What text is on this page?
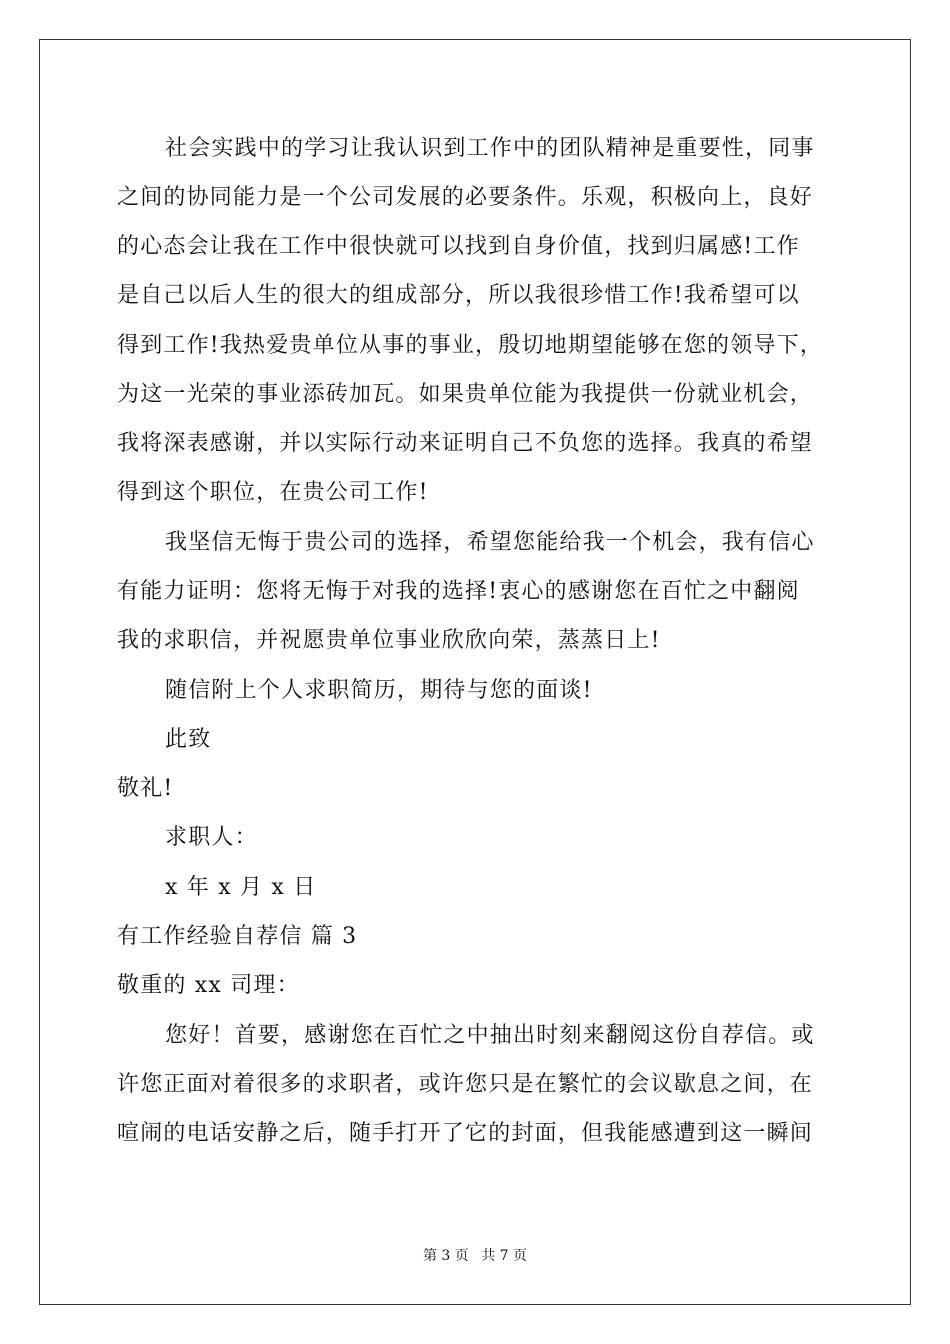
社会实践中的学习让我认识到工作中的团队精神是重要性，同事
之间的协同能力是一个公司发展的必要条件。乐观，积极向上，良好
的心态会让我在工作中很快就可以找到自身价值，找到归属感!工作
是自己以后人生的很大的组成部分，所以我很珍惜工作!我希望可以
得到工作!我热爱贵单位从事的事业，殷切地期望能够在您的领导下，
为这一光荣的事业添砖加瓦。如果贵单位能为我提供一份就业机会，
我将深表感谢，并以实际行动来证明自己不负您的选择。我真的希望
得到这个职位，在贵公司工作!
我坚信无悔于贵公司的选择，希望您能给我一个机会，我有信心
有能力证明：您将无悔于对我的选择!衷心的感谢您在百忙之中翻阅
我的求职信，并祝愿贵单位事业欣欣向荣，蒸蒸日上!
随信附上个人求职简历，期待与您的面谈!
此致
敬礼!
求职人：
x 年 x 月 x 日
有工作经验自荐信 篇 3
敬重的 xx 司理：
您好！首要，感谢您在百忙之中抽出时刻来翻阅这份自荐信。或
许您正面对着很多的求职者，或许您只是在繁忙的会议歇息之间，在
喧闹的电话安静之后，随手打开了它的封面，但我能感遭到这一瞬间
第 3 页 共 7 页
